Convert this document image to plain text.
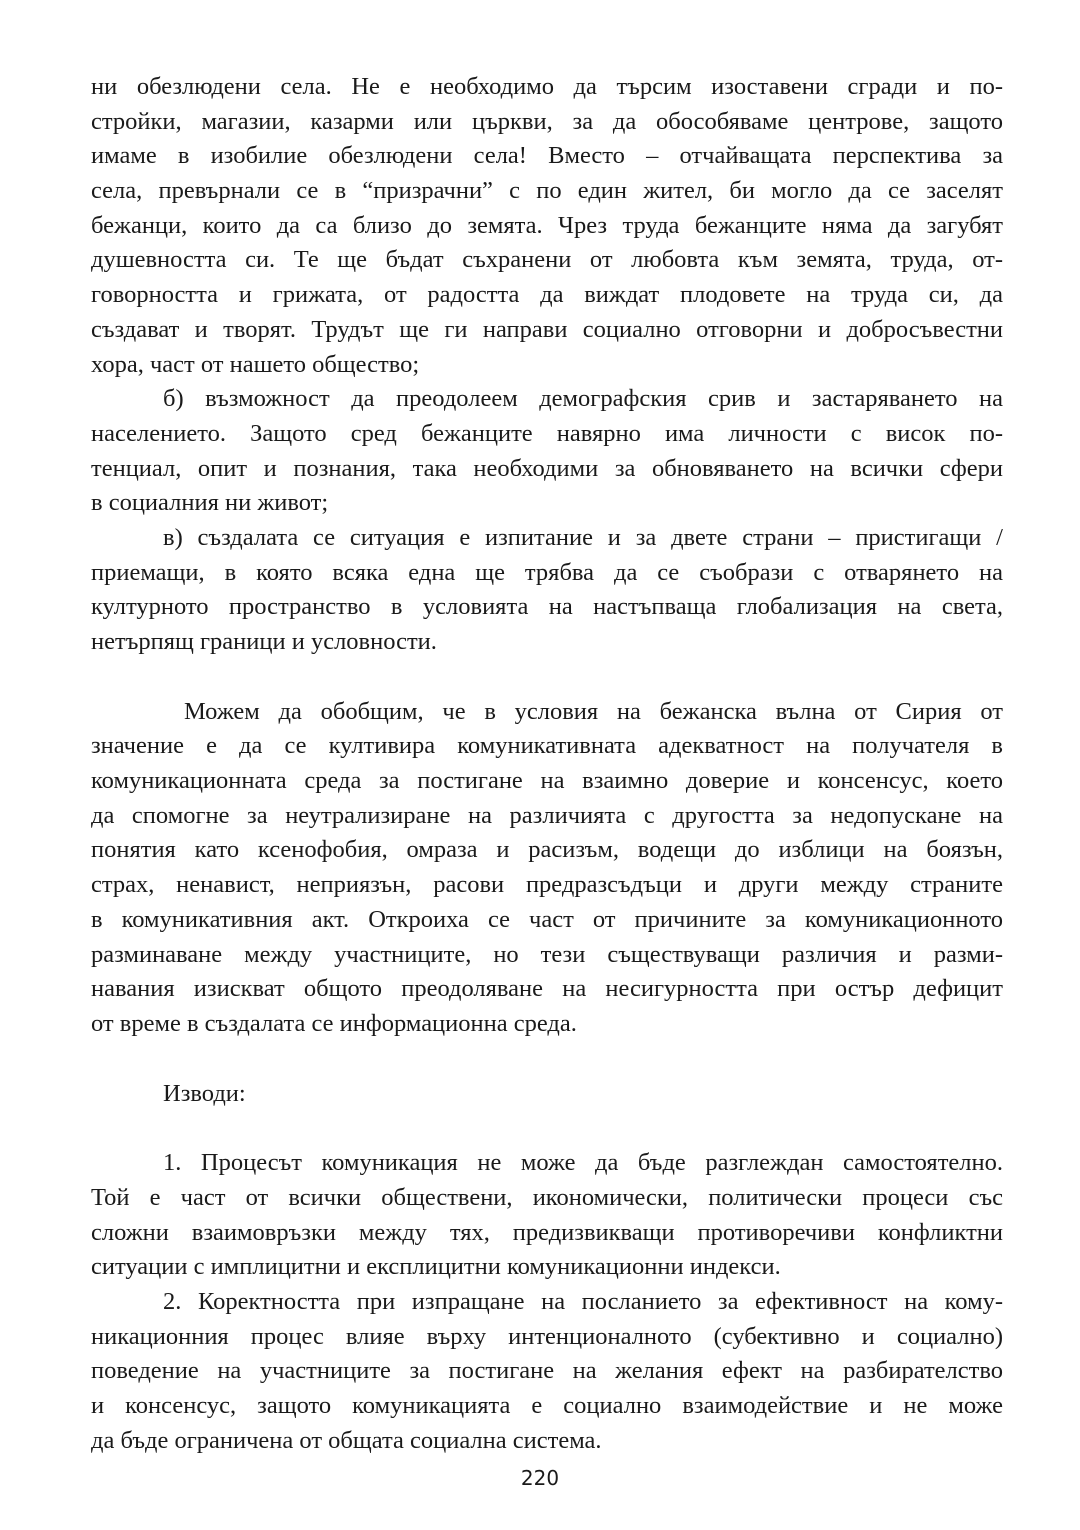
ни обезлюдени села. Не е необходимо да търсим изоставени сгради и по-
стройки, магазии, казарми или църкви, за да обособяваме центрове, защото
имаме в изобилие обезлюдени села! Вместо – отчайващата перспектива за
села, превърнали се в “призрачни” с по един жител, би могло да се заселят
бежанци, които да са близо до земята. Чрез труда бежанците няма да загубят
душевността си. Те ще бъдат съхранени от любовта към земята, труда, от-
говорността и грижата, от радостта да виждат плодовете на труда си, да
създават и творят. Трудът ще ги направи социално отговорни и добросъвестни
хора, част от нашето общество;
б) възможност да преодолеем демографския срив и застаряването на
населението. Защото сред бежанците навярно има личности с висок по-
тенциал, опит и познания, така необходими за обновяването на всички сфери
в социалния ни живот;
в) създалата се ситуация е изпитание и за двете страни – пристигащи /
приемащи, в която всяка една ще трябва да се съобрази с отварянето на
културното пространство в условията на настъпваща глобализация на света,
нетърпящ граници и условности.
Можем да обобщим, че в условия на бежанска вълна от Сирия от
значение е да се култивира комуникативната адекватност на получателя в
комуникационната среда за постигане на взаимно доверие и консенсус, което
да спомогне за неутрализиране на различията с другостта за недопускане на
понятия като ксенофобия, омраза и расизъм, водещи до изблици на боязън,
страх, ненавист, неприязън, расови предразсъдъци и други между страните
в комуникативния акт. Откроиха се част от причините за комуникационното
разминаване между участниците, но тези съществуващи различия и разми-
навания изискват общото преодоляване на несигурността при остър дефицит
от време в създалата се информационна среда.
Изводи:
1. Процесът комуникация не може да бъде разглеждан самостоятелно.
Той е част от всички обществени, икономически, политически процеси със
сложни взаимовръзки между тях, предизвикващи противоречиви конфликтни
ситуации с имплицитни и експлицитни комуникационни индекси.
2. Коректността при изпращане на посланието за ефективност на кому-
никационния процес влияе върху интенционалното (субективно и социално)
поведение на участниците за постигане на желания ефект на разбирателство
и консенсус, защото комуникацията е социално взаимодействие и не може
да бъде ограничена от общата социална система.
220
